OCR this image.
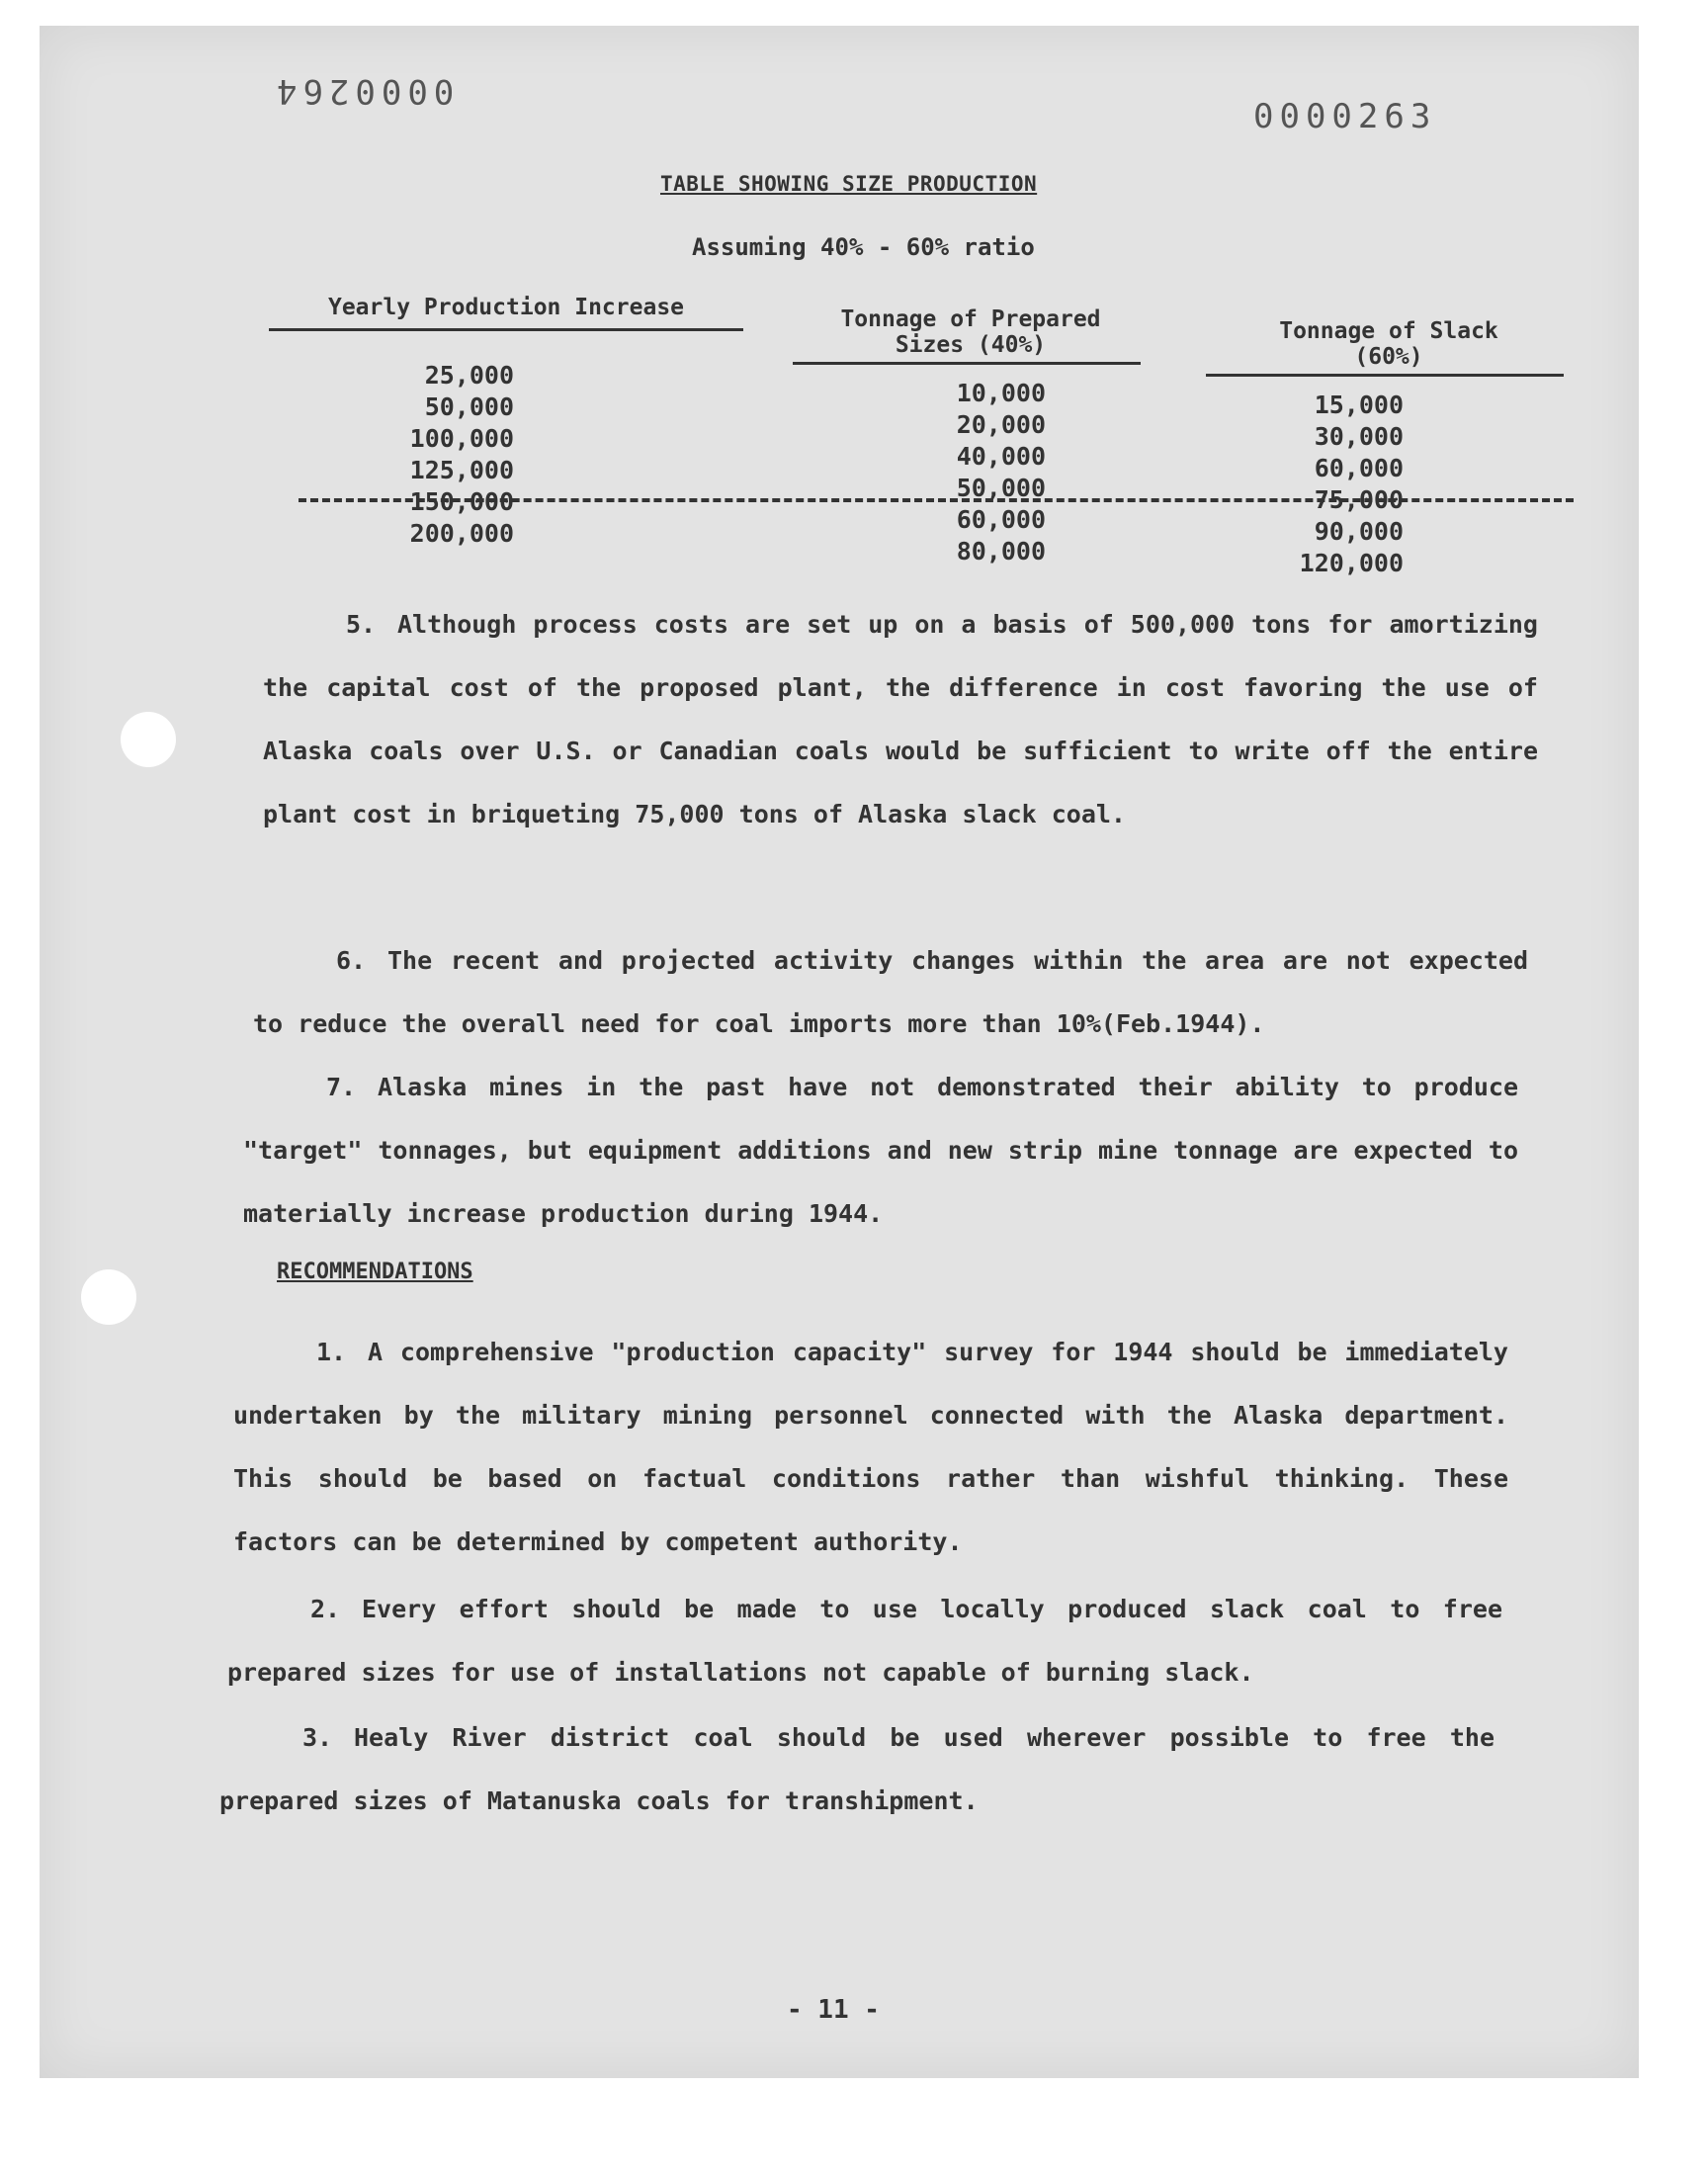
0000264
0000263
TABLE SHOWING SIZE PRODUCTION
Assuming 40% - 60% ratio
Yearly Production Increase	Tonnage of Prepared
Sizes (40%)
Tonnage of Slack
(60%)
25,000
50,000
100,000
125,000
150,000
200,000
10,000
20,000
40,000
50,000
60,000
80,000
15,000
30,000
60,000
75,000
90,000
120,000
5. Although process costs are set up on a basis of 500,000 tons for amortizing the capital cost of the proposed plant, the difference in cost favoring the use of Alaska coals over U.S. or Canadian coals would be sufficient to write off the entire plant cost in briqueting 75,000 tons of Alaska slack coal.
6. The recent and projected activity changes within the area are not expected to reduce the overall need for coal imports more than 10%(Feb.1944).
7. Alaska mines in the past have not demonstrated their ability to produce "target" tonnages, but equipment additions and new strip mine tonnage are expected to materially increase production during 1944.
RECOMMENDATIONS
1. A comprehensive "production capacity" survey for 1944 should be immediately undertaken by the military mining personnel connected with the Alaska department. This should be based on factual conditions rather than wishful thinking. These factors can be determined by competent authority.
2. Every effort should be made to use locally produced slack coal to free prepared sizes for use of installations not capable of burning slack.
3. Healy River district coal should be used wherever possible to free the prepared sizes of Matanuska coals for transhipment.
- 11 -
